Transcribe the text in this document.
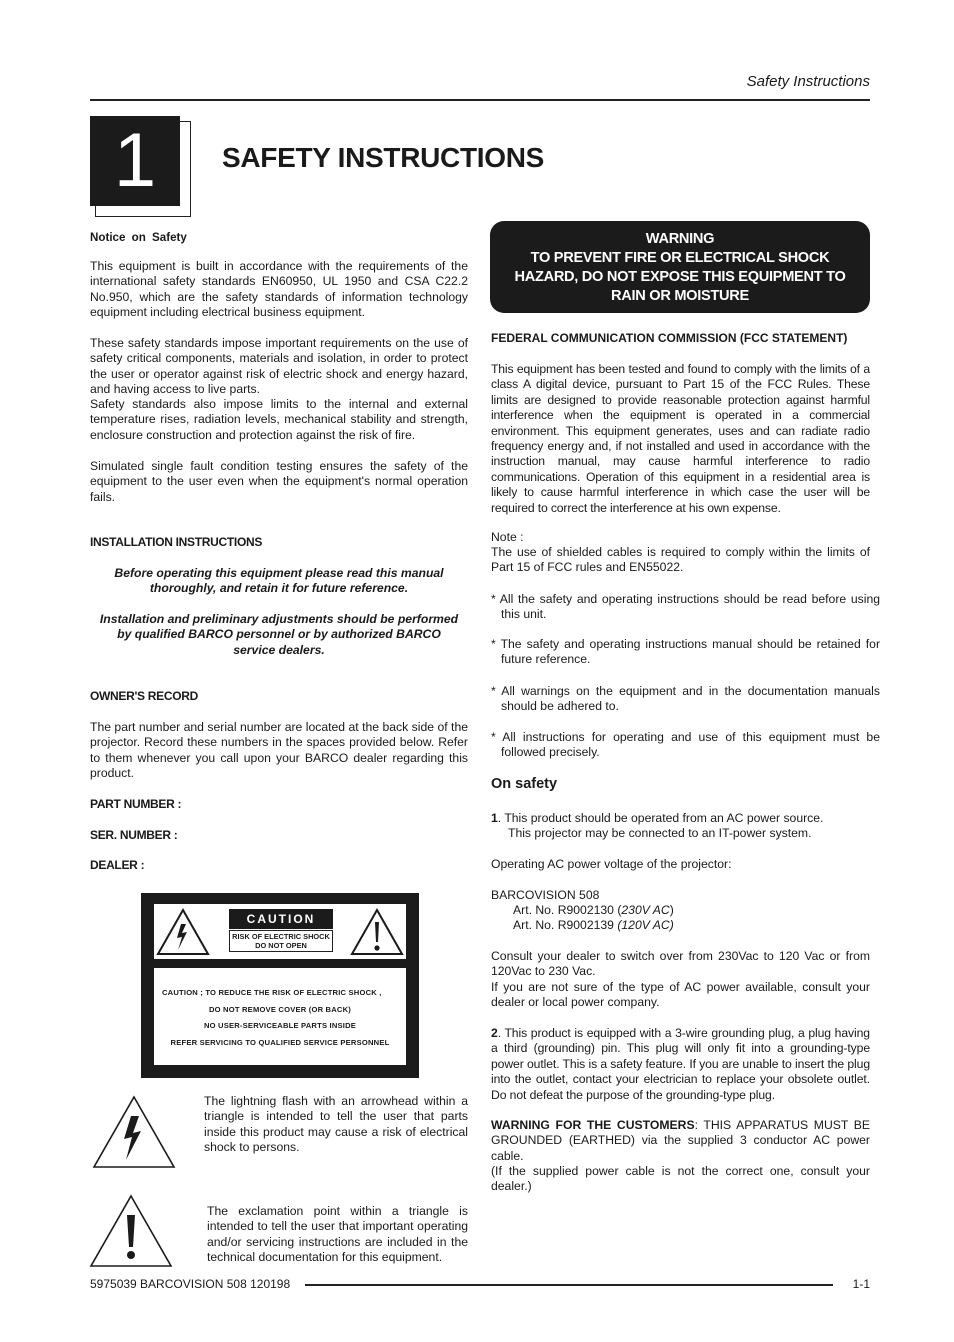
Safety Instructions
1	SAFETY INSTRUCTIONS
Notice on Safety
This equipment is built in accordance with the requirements of the international safety standards EN60950, UL 1950 and CSA C22.2 No.950, which are the safety standards of information technology equipment including electrical business equipment.
These safety standards impose important requirements on the use of safety critical components, materials and isolation, in order to protect the user or operator against risk of electric shock and energy hazard, and having access to live parts.
Safety standards also impose limits to the internal and external temperature rises, radiation levels, mechanical stability and strength, enclosure construction and protection against the risk of fire.
Simulated single fault condition testing ensures the safety of the equipment to the user even when the equipment's normal operation fails.
INSTALLATION INSTRUCTIONS
Before operating this equipment please read this manual thoroughly, and retain it for future reference.
Installation and preliminary adjustments should be performed by qualified BARCO personnel or by authorized BARCO service dealers.
OWNER'S RECORD
The part number and serial number are located at the back side of the projector. Record these numbers in the spaces provided below. Refer to them whenever you call upon your BARCO dealer regarding this product.
PART NUMBER :
SER. NUMBER :
DEALER :
CAUTION
RISK OF ELECTRIC SHOCK
DO NOT OPEN
CAUTION ; TO REDUCE THE RISK OF ELECTRIC SHOCK ,
DO NOT REMOVE COVER (OR BACK)
NO USER-SERVICEABLE PARTS INSIDE
REFER SERVICING TO QUALIFIED SERVICE PERSONNEL
The lightning flash with an arrowhead within a triangle is intended to tell the user that parts inside this product may cause a risk of electrical shock to persons.
The exclamation point within a triangle is intended to tell the user that important operating and/or servicing instructions are included in the technical documentation for this equipment.
WARNING
TO PREVENT FIRE OR ELECTRICAL SHOCK
HAZARD, DO NOT EXPOSE THIS EQUIPMENT TO
RAIN OR MOISTURE
FEDERAL COMMUNICATION COMMISSION (FCC STATEMENT)
This equipment has been tested and found to comply with the limits of a class A digital device, pursuant to Part 15 of the FCC Rules. These limits are designed to provide reasonable protection against harmful interference when the equipment is operated in a commercial environment. This equipment generates, uses and can radiate radio frequency energy and, if not installed and used in accordance with the instruction manual, may cause harmful interference to radio communications. Operation of this equipment in a residential area is likely to cause harmful interference in which case the user will be required to correct the interference at his own expense.
Note :
The use of shielded cables is required to comply within the limits of Part 15 of FCC rules and EN55022.
* All the safety and operating instructions should be read before using this unit.
* The safety and operating instructions manual should be retained for future reference.
* All warnings on the equipment and in the documentation manuals should be adhered to.
* All instructions for operating and use of this equipment must be followed precisely.
On safety
1. This product should be operated from an AC power source.
This projector may be connected to an IT-power system.
Operating AC power voltage of the projector:
BARCOVISION 508
Art. No. R9002130 (230V AC)
Art. No. R9002139 (120V AC)
Consult your dealer to switch over from 230Vac to 120 Vac or from 120Vac to 230 Vac.
If you are not sure of the type of AC power available, consult your dealer or local power company.
2. This product is equipped with a 3-wire grounding plug, a plug having a third (grounding) pin. This plug will only fit into a grounding-type power outlet. This is a safety feature. If you are unable to insert the plug into the outlet, contact your electrician to replace your obsolete outlet. Do not defeat the purpose of the grounding-type plug.
WARNING FOR THE CUSTOMERS: THIS APPARATUS MUST BE GROUNDED (EARTHED) via the supplied 3 conductor AC power cable.
(If the supplied power cable is not the correct one, consult your dealer.)
5975039 BARCOVISION 508 120198	1-1
